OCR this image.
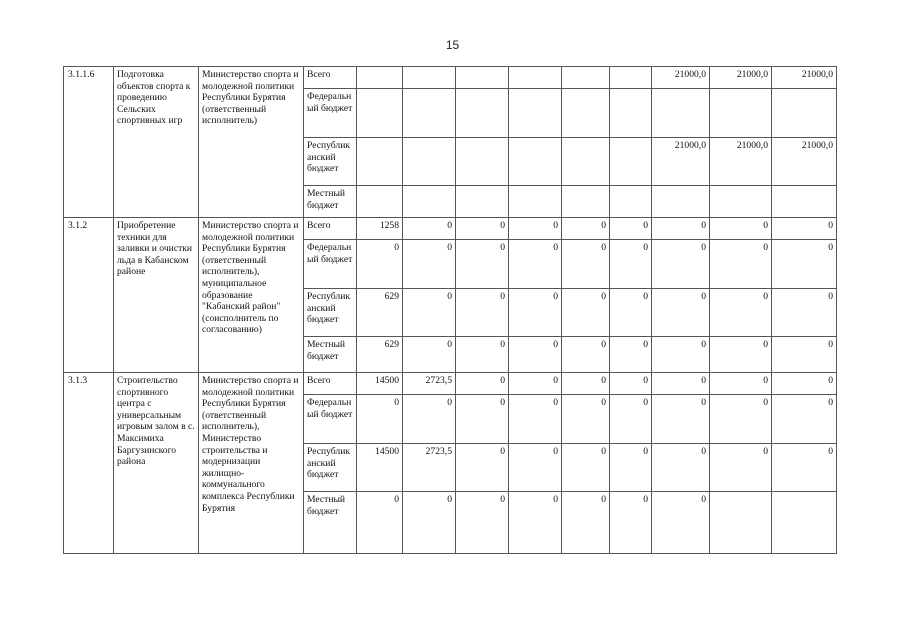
15
3.1.1.6	Подготовка объектов спорта к проведению Сельских спортивных игр	Министерство спорта и молодежной политики Республики Бурятия (ответственный исполнитель)	Всего							21000,0	21000,0	21000,0
			Федеральный бюджет									
			Республиканский бюджет							21000,0	21000,0	21000,0
			Местный бюджет									
3.1.2	Приобретение техники для заливки и очистки льда в Кабанском районе	Министерство спорта и молодежной политики Республики Бурятия (ответственный исполнитель), муниципальное образование "Кабанский район" (соисполнитель по согласованию)	Всего	1258	0	0	0	0	0	0	0	0
			Федеральный бюджет	0	0	0	0	0	0	0	0	0
			Республиканский бюджет	629	0	0	0	0	0	0	0	0
			Местный бюджет	629	0	0	0	0	0	0	0	0
3.1.3	Строительство спортивного центра с универсальным игровым залом в с. Максимиха Баргузинского района	Министерство спорта и молодежной политики Республики Бурятия (ответственный исполнитель), Министерство строительства и модернизации жилищно-коммунального комплекса Республики Бурятия	Всего	14500	2723,5	0	0	0	0	0	0	0
			Федеральный бюджет	0	0	0	0	0	0	0	0	0
			Республиканский бюджет	14500	2723,5	0	0	0	0	0	0	0
			Местный бюджет	0	0	0	0	0	0	0		
